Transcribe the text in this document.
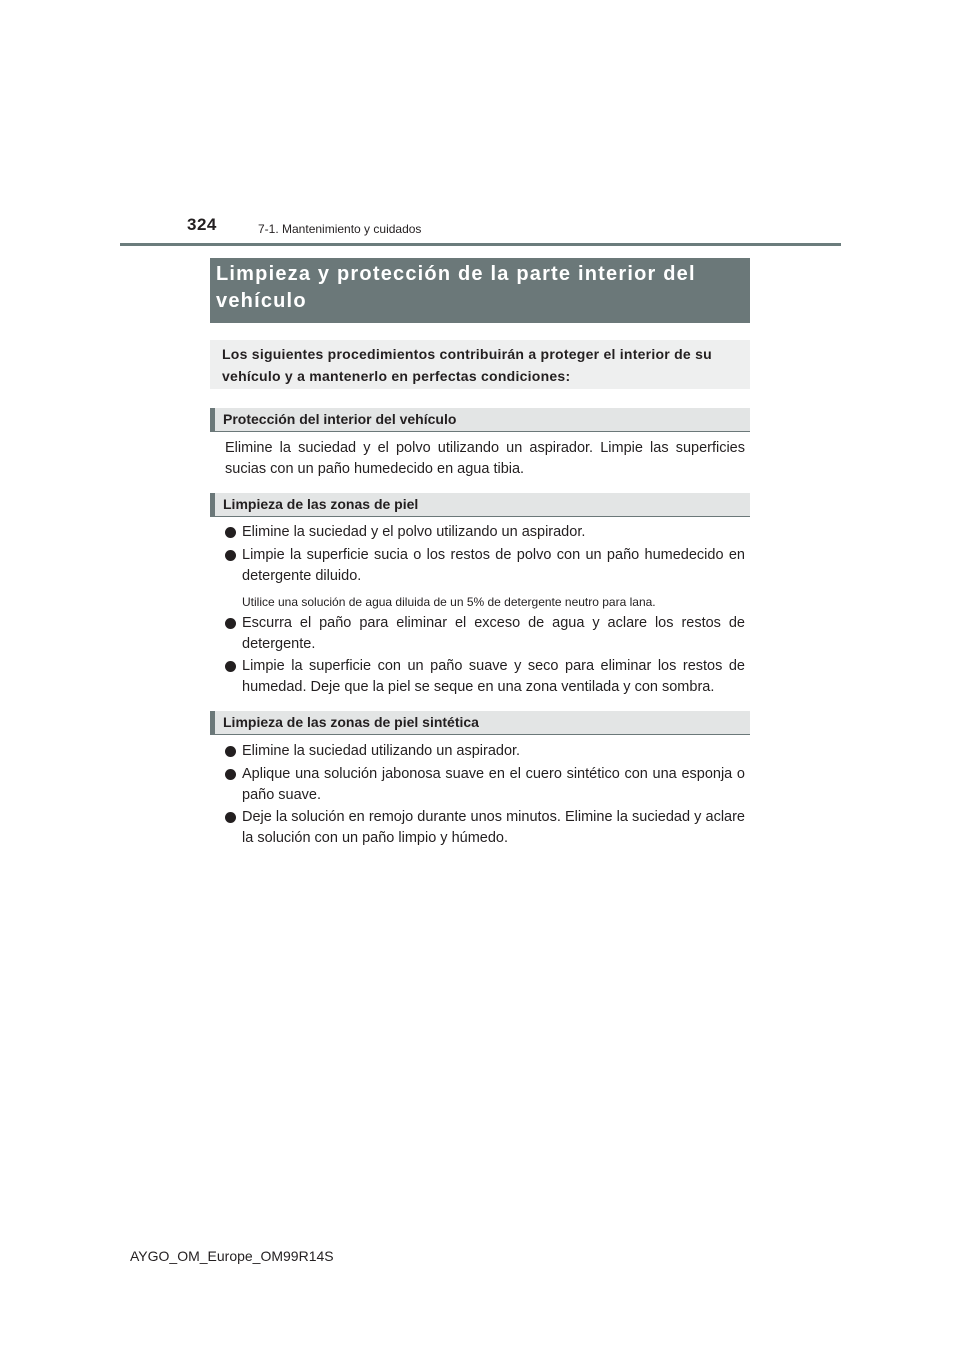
324	7-1. Mantenimiento y cuidados
Limpieza y protección de la parte interior del vehículo
Los siguientes procedimientos contribuirán a proteger el interior de su vehículo y a mantenerlo en perfectas condiciones:
Protección del interior del vehículo
Elimine la suciedad y el polvo utilizando un aspirador. Limpie las superficies sucias con un paño humedecido en agua tibia.
Limpieza de las zonas de piel
Elimine la suciedad y el polvo utilizando un aspirador.
Limpie la superficie sucia o los restos de polvo con un paño humedecido en detergente diluido.
Utilice una solución de agua diluida de un 5% de detergente neutro para lana.
Escurra el paño para eliminar el exceso de agua y aclare los restos de detergente.
Limpie la superficie con un paño suave y seco para eliminar los restos de humedad. Deje que la piel se seque en una zona ventilada y con sombra.
Limpieza de las zonas de piel sintética
Elimine la suciedad utilizando un aspirador.
Aplique una solución jabonosa suave en el cuero sintético con una esponja o paño suave.
Deje la solución en remojo durante unos minutos. Elimine la suciedad y aclare la solución con un paño limpio y húmedo.
AYGO_OM_Europe_OM99R14S
